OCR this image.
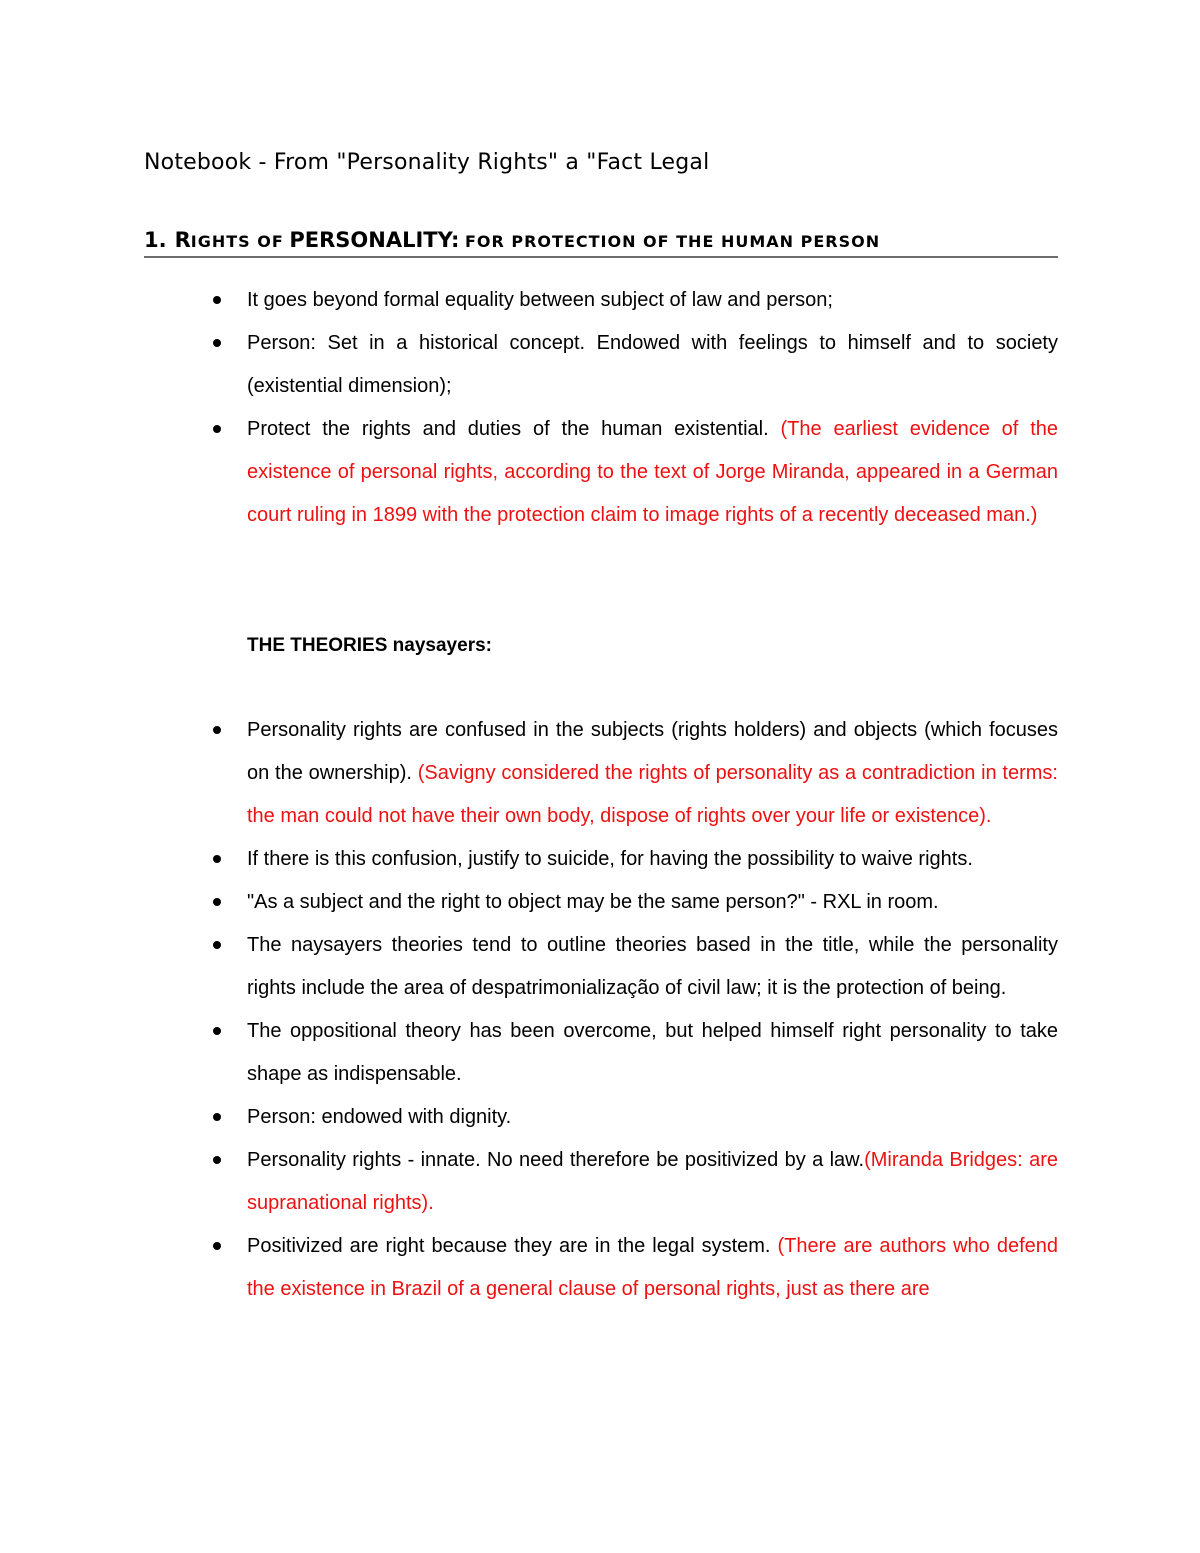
Notebook - From "Personality Rights" a "Fact Legal
1. RIGHTS OF PERSONALITY: FOR PROTECTION OF THE HUMAN PERSON
It goes beyond formal equality between subject of law and person;
Person: Set in a historical concept. Endowed with feelings to himself and to society (existential dimension);
Protect the rights and duties of the human existential. (The earliest evidence of the existence of personal rights, according to the text of Jorge Miranda, appeared in a German court ruling in 1899 with the protection claim to image rights of a recently deceased man.)
THE THEORIES naysayers:
Personality rights are confused in the subjects (rights holders) and objects (which focuses on the ownership). (Savigny considered the rights of personality as a contradiction in terms: the man could not have their own body, dispose of rights over your life or existence).
If there is this confusion, justify to suicide, for having the possibility to waive rights.
"As a subject and the right to object may be the same person?" - RXL in room.
The naysayers theories tend to outline theories based in the title, while the personality rights include the area of despatrimonialização of civil law; it is the protection of being.
The oppositional theory has been overcome, but helped himself right personality to take shape as indispensable.
Person: endowed with dignity.
Personality rights - innate. No need therefore be positivized by a law.(Miranda Bridges: are supranational rights).
Positivized are right because they are in the legal system. (There are authors who defend the existence in Brazil of a general clause of personal rights, just as there are
